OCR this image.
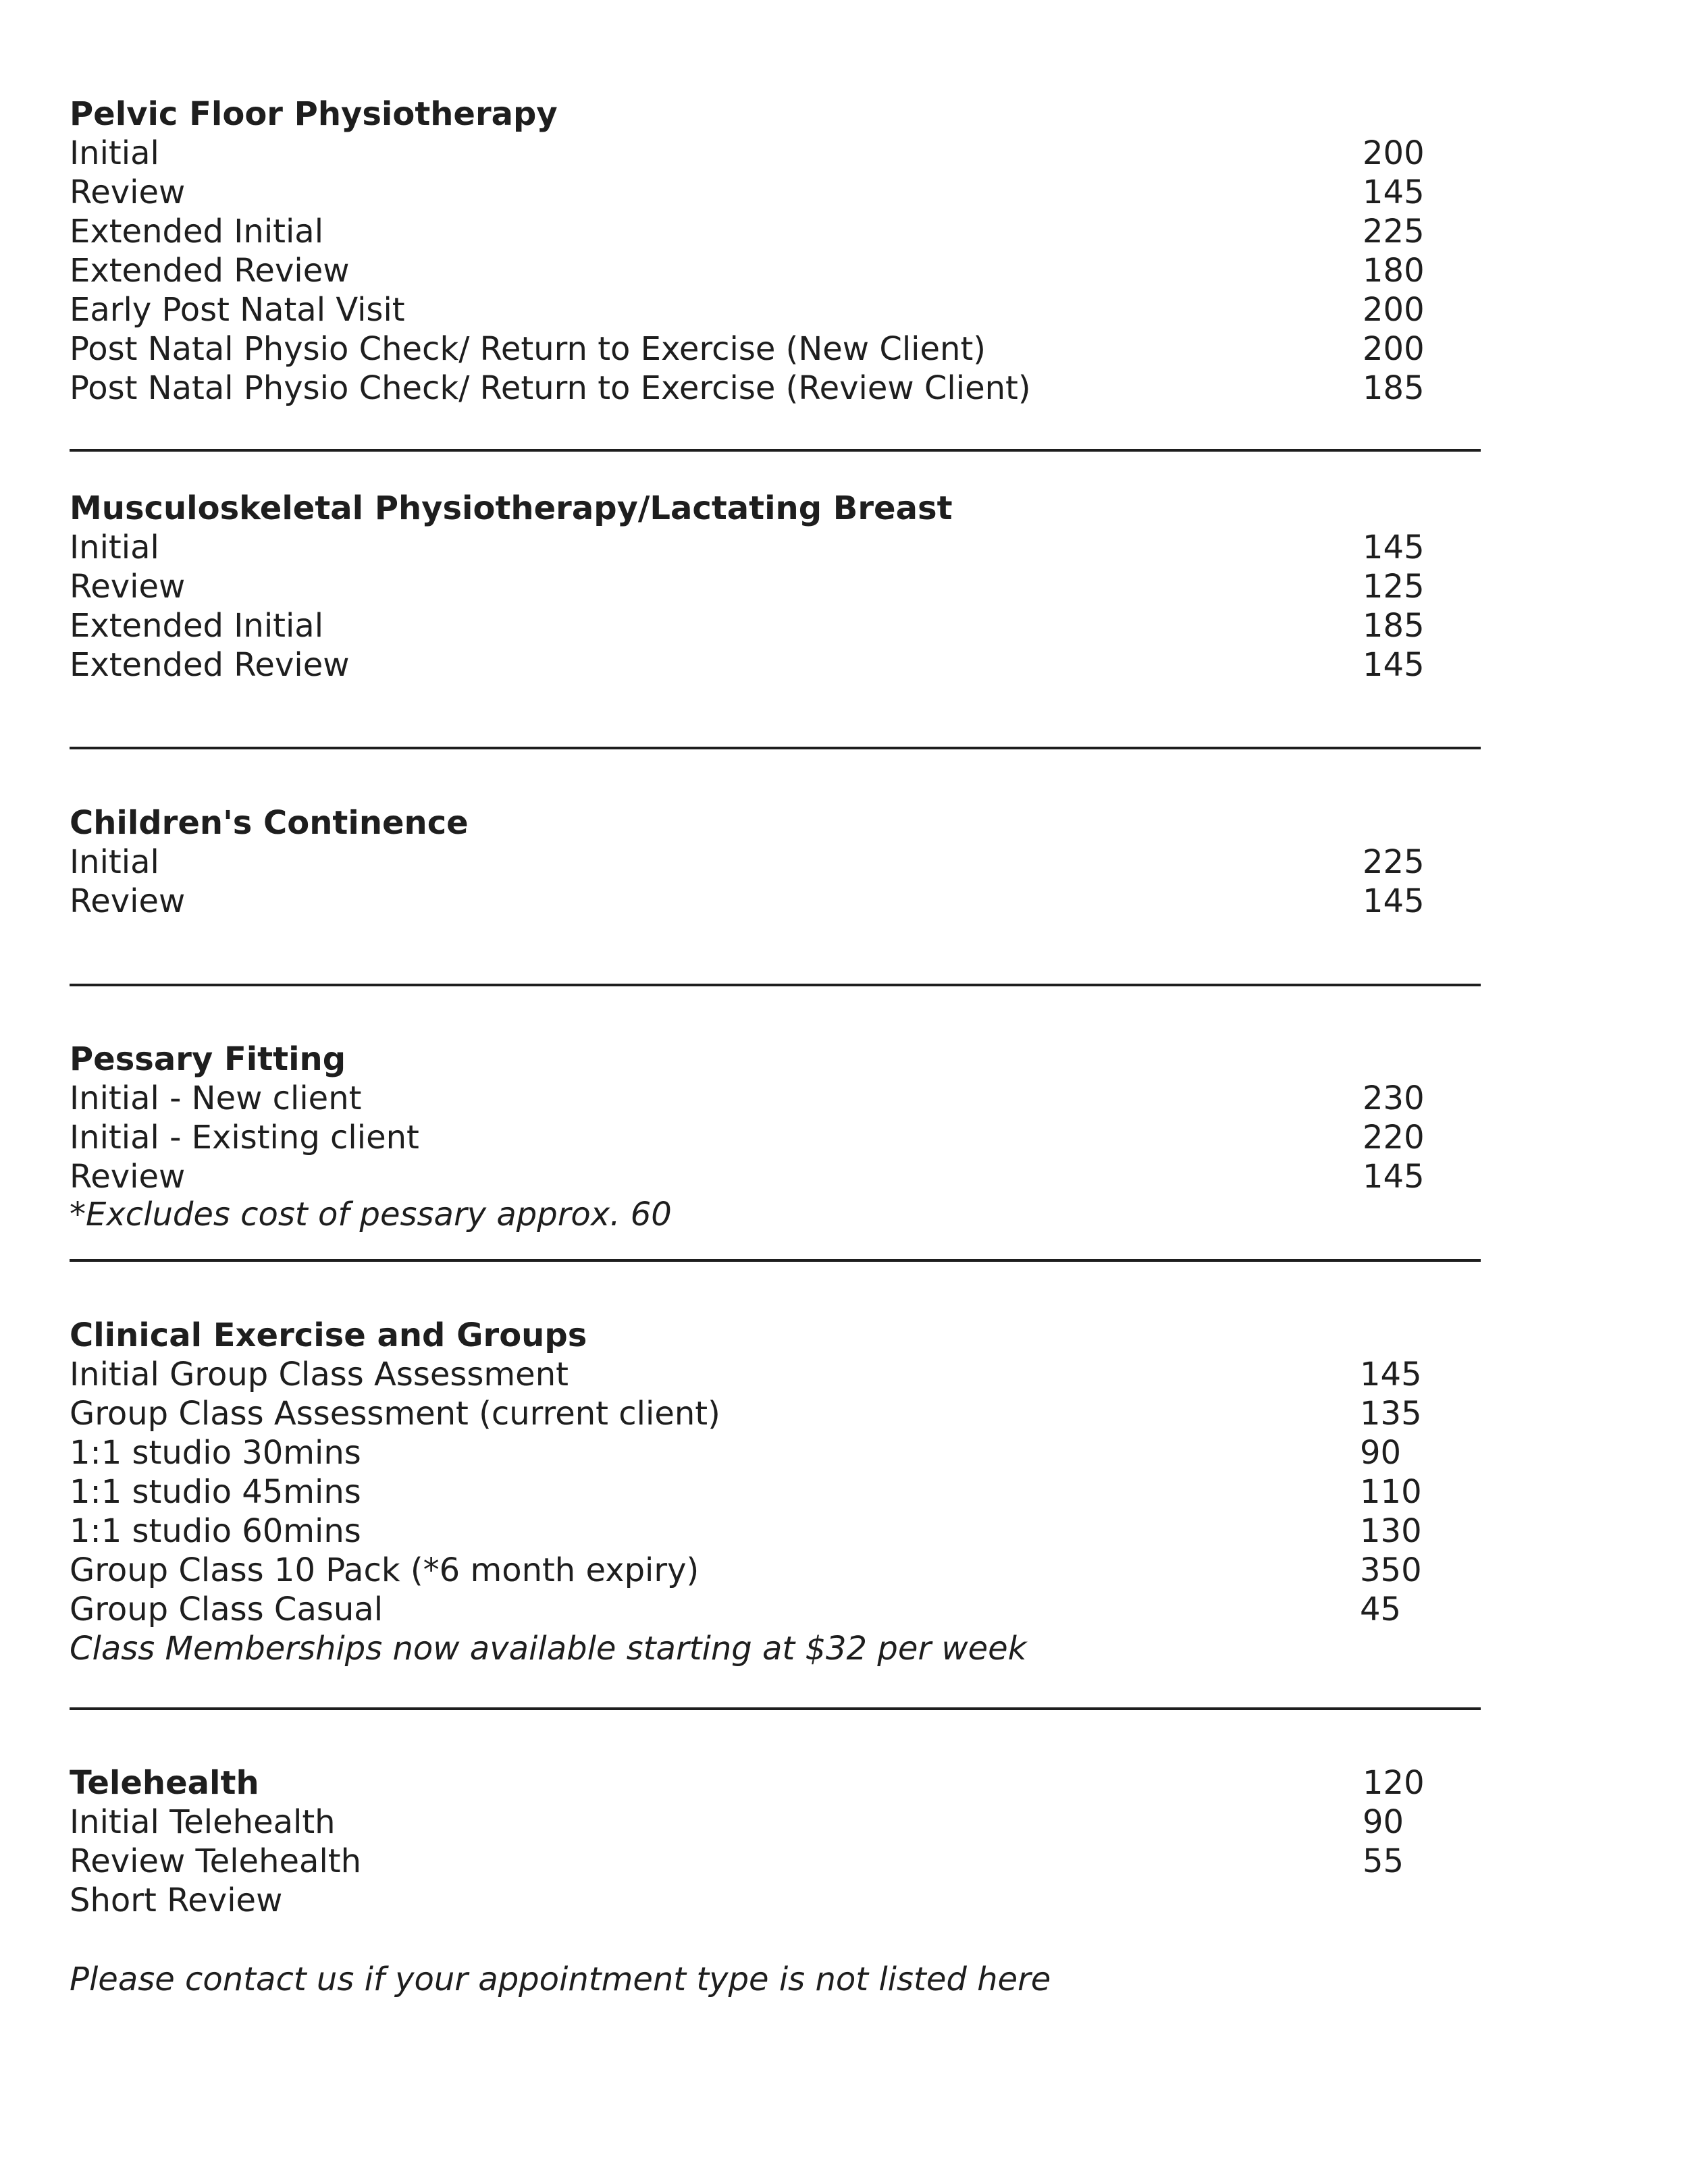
Pelvic Floor Physiotherapy
Initial	200
Review	145
Extended Initial	225
Extended Review	180
Early Post Natal Visit	200
Post Natal Physio Check/ Return to Exercise (New Client)	200
Post Natal Physio Check/ Return to Exercise (Review Client)	185
Musculoskeletal Physiotherapy/Lactating Breast
Initial	145
Review	125
Extended Initial	185
Extended Review	145
Children's Continence
Initial	225
Review	145
Pessary Fitting
Initial - New client	230
Initial - Existing client	220
Review	145
*Excludes cost of pessary approx. 60
Clinical Exercise and Groups
Initial Group Class Assessment	145
Group Class Assessment (current client)	135
1:1 studio 30mins	90
1:1 studio 45mins	110
1:1 studio 60mins	130
Group Class 10 Pack (*6 month expiry)	350
Group Class Casual	45
Class Memberships now available starting at $32 per week
Telehealth	120
Initial Telehealth	90
Review Telehealth	55
Short Review
Please contact us if your appointment type is not listed here
